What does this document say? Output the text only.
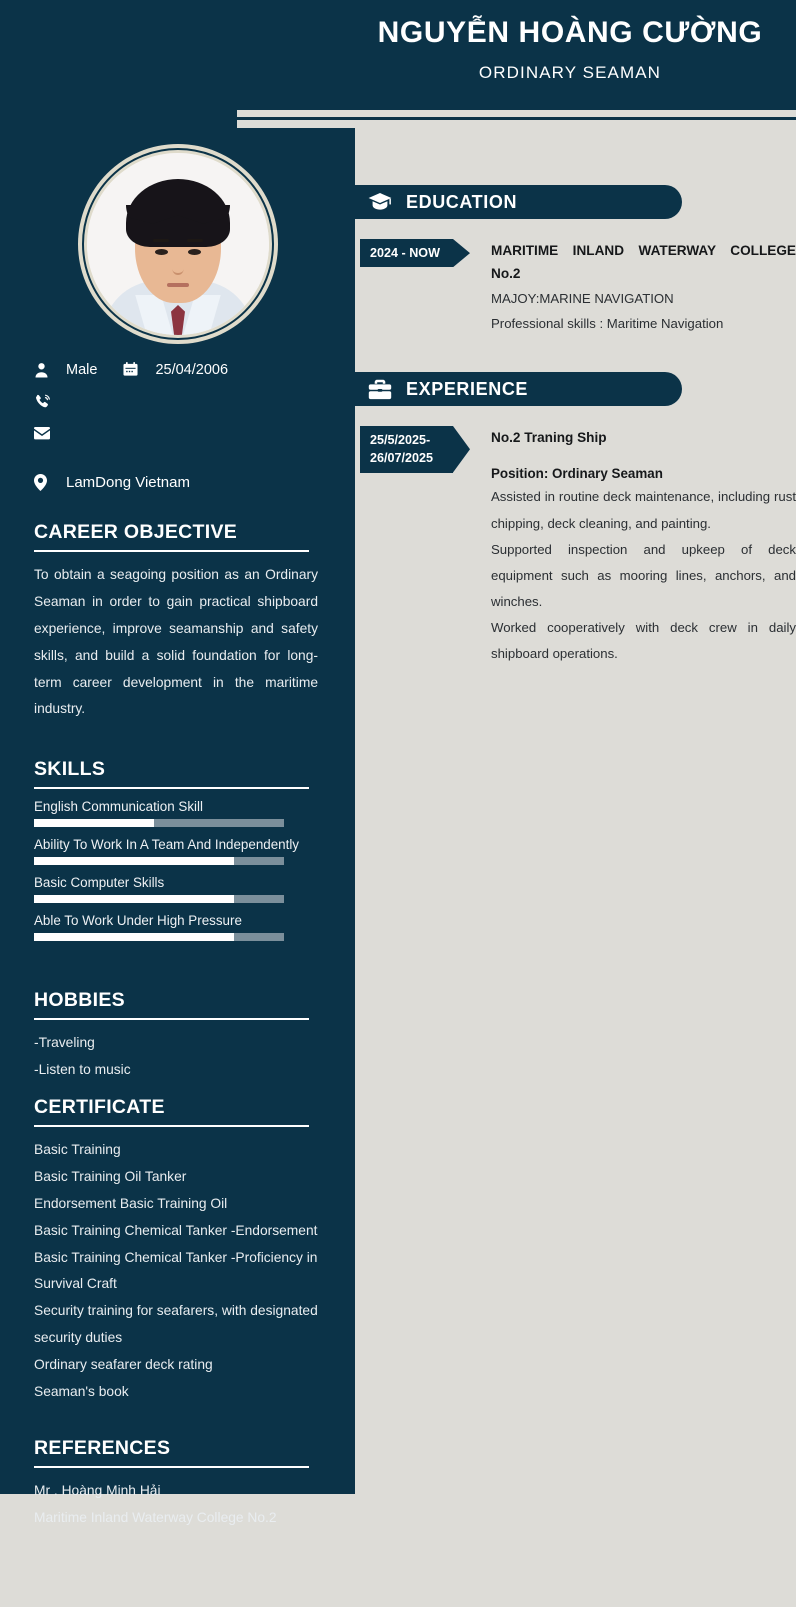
NGUYỄN HOÀNG CƯỜNG
ORDINARY SEAMAN
Male	25/04/2006
LamDong Vietnam
CAREER OBJECTIVE
To obtain a seagoing position as an Ordinary Seaman in order to gain practical shipboard experience, improve seamanship and safety skills, and build a solid foundation for long-term career development in the maritime industry.
SKILLS
English Communication Skill
Ability To Work In A Team And Independently
Basic Computer Skills
Able To Work Under High Pressure
HOBBIES
-Traveling
-Listen to music
CERTIFICATE
Basic Training
Basic Training Oil Tanker
Endorsement Basic Training Oil
Basic Training Chemical Tanker -Endorsement
Basic Training Chemical Tanker -Proficiency in Survival Craft
Security training for seafarers, with designated security duties
Ordinary seafarer deck rating
Seaman's book
REFERENCES
Mr . Hoàng Minh Hải
Maritime Inland Waterway College No.2
EDUCATION
2024 - NOW	MARITIME INLAND WATERWAY COLLEGE No.2
MAJOY:MARINE NAVIGATION
Professional skills : Maritime Navigation
EXPERIENCE
25/5/2025-
26/07/2025
No.2 Traning Ship
Position: Ordinary Seaman
Assisted in routine deck maintenance, including rust chipping, deck cleaning, and painting.
Supported inspection and upkeep of deck equipment such as mooring lines, anchors, and winches.
Worked cooperatively with deck crew in daily shipboard operations.
